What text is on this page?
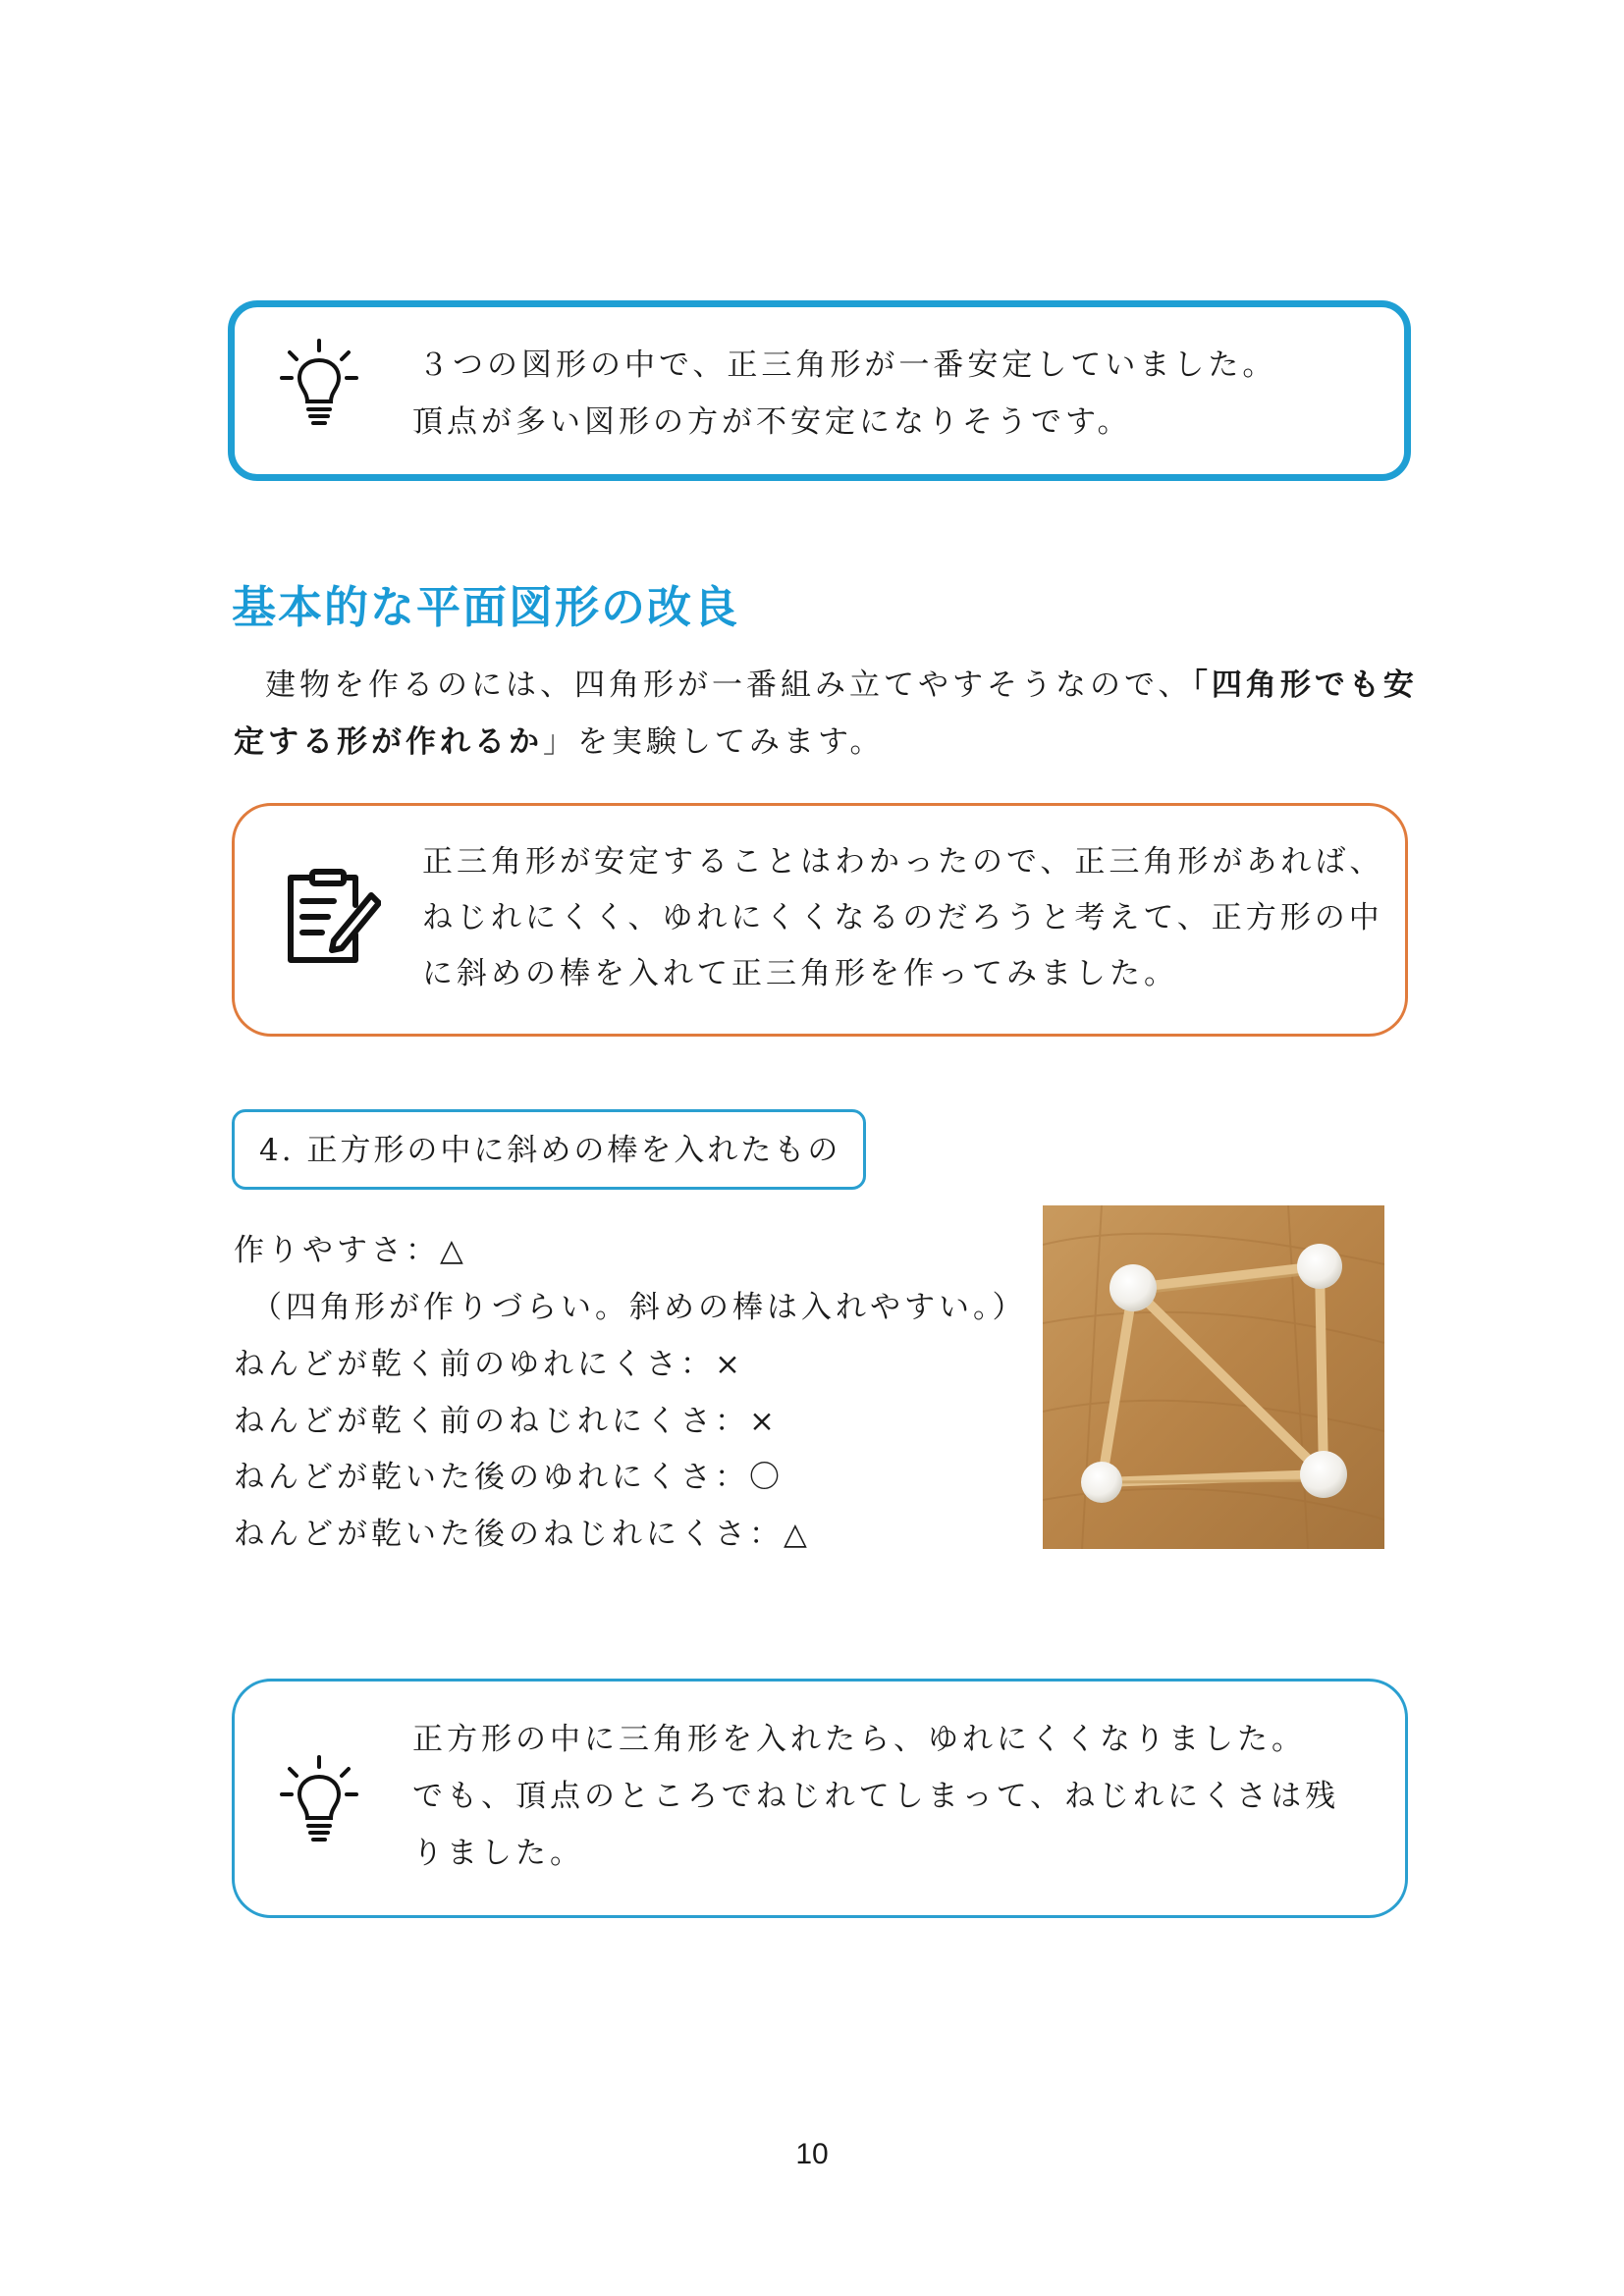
３つの図形の中で、正三角形が一番安定していました。
頂点が多い図形の方が不安定になりそうです。
基本的な平面図形の改良
建物を作るのには、四角形が一番組み立てやすそうなので、「四角形でも安
定する形が作れるか」を実験してみます。
正三角形が安定することはわかったので、正三角形があれば、
ねじれにくく、ゆれにくくなるのだろうと考えて、正方形の中
に斜めの棒を入れて正三角形を作ってみました。
4. 正方形の中に斜めの棒を入れたもの
作りやすさ：△
（四角形が作りづらい。斜めの棒は入れやすい。）
ねんどが乾く前のゆれにくさ：×
ねんどが乾く前のねじれにくさ：×
ねんどが乾いた後のゆれにくさ：〇
ねんどが乾いた後のねじれにくさ：△
正方形の中に三角形を入れたら、ゆれにくくなりました。
でも、頂点のところでねじれてしまって、ねじれにくさは残
りました。
10
